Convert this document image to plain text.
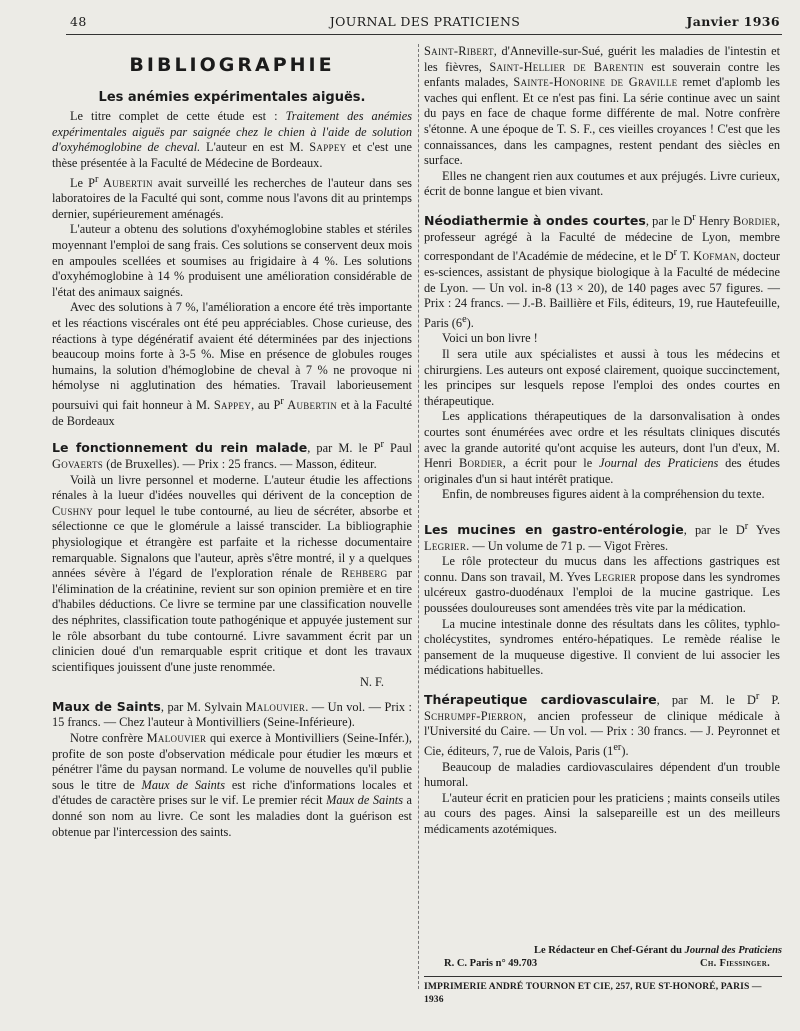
48	JOURNAL DES PRATICIENS	Janvier 1936
BIBLIOGRAPHIE
Les anémies expérimentales aiguës.

Le titre complet de cette étude est : Traitement des anémies expérimentales aiguës par saignée chez le chien à l'aide de solution d'oxyhémoglobine de cheval. L'auteur en est M. Sappey et c'est une thèse présentée à la Faculté de Médecine de Bordeaux.

Le $P^r$ Aubertin avait surveillé les recherches de l'auteur dans ses laboratoires de la Faculté qui sont, comme nous l'avons dit au printemps dernier, supérieurement aménagés.

L'auteur a obtenu des solutions d'oxyhémoglobine stables et stériles moyennant l'emploi de sang frais. Ces solutions se conservent deux mois en ampoules scellées et soumises au frigidaire à 4 %. Les solutions d'oxyhémoglobine à 14 % produisent une amélioration considérable de l'état des animaux saignés.

Avec des solutions à 7 %, l'amélioration a encore été très importante et les réactions viscérales ont été peu appréciables. Chose curieuse, des réactions à type dégénératif avaient été déterminées par des injections beaucoup moins forte à 3-5 %. Mise en présence de globules rouges humains, la solution d'hémoglobine de cheval à 7 % ne provoque ni hémolyse ni agglutination des hématies. Travail laborieusement poursuivi qui fait honneur à M. Sappey, au $P^r$ Aubertin et à la Faculté de Bordeaux

Le fonctionnement du rein malade, par M. le $P^r$ Paul Govaerts (de Bruxelles). — Prix : 25 francs. — Masson, éditeur.

Voilà un livre personnel et moderne. L'auteur étudie les affections rénales à la lueur d'idées nouvelles qui dérivent de la conception de Cushny pour lequel le tube contourné, au lieu de sécréter, absorbe et sélectionne ce que le glomérule a laissé transcider. La bibliographie physiologique et étrangère est parfaite et la richesse documentaire remarquable. Signalons que l'auteur, après s'être montré, il y a quelques années sévère à l'égard de l'exploration rénale de Rehberg par l'élimination de la créatinine, revient sur son opinion première et en tire d'habiles déductions. Ce livre se termine par une classification nouvelle des néphrites, classification toute pathogénique et appuyée justement sur le rôle absorbant du tube contourné. Livre savamment écrit par un clinicien doué d'un remarquable esprit critique et dont les travaux scientifiques jouissent d'une juste renommée.

N. F.

Maux de Saints, par M. Sylvain Malouvier. — Un vol. — Prix : 15 francs. — Chez l'auteur à Montivilliers (Seine-Inférieure).

Notre confrère Malouvier qui exerce à Montivilliers (Seine-Infér.), profite de son poste d'observation médicale pour étudier les mœurs et pénétrer l'âme du paysan normand. Le volume de nouvelles qu'il publie sous le titre de Maux de Saints est riche d'informations locales et d'études de caractère prises sur le vif. Le premier récit Maux de Saints a donné son nom au livre. Ce sont les maladies dont la guérison est obtenue par l'intercession des saints.

Saint-Ribert, d'Anneville-sur-Sué, guérit les maladies de l'intestin et les fièvres, Saint-Hellier de Barentin est souverain contre les enfants malades, Sainte-Honorine de Graville remet d'aplomb les vaches qui enflent. Et ce n'est pas fini. La série continue avec un saint du pays en face de chaque forme différente de mal. Notre confrère s'étonne. A une époque de T. S. F., ces vieilles croyances ! C'est que les connaissances, dans les campagnes, restent pendant des siècles en surface.

Elles ne changent rien aux coutumes et aux préjugés. Livre curieux, écrit de bonne langue et bien vivant.

Néodiathermie à ondes courtes, par le $D^r$ Henry Bordier, professeur agrégé à la Faculté de médecine de Lyon, membre correspondant de l'Académie de médecine, et le $D^r$ T. Kofman, docteur es-sciences, assistant de physique biologique à la Faculté de médecine de Lyon. — Un vol. in-8 (13 × 20), de 140 pages avec 57 figures. — Prix : 24 francs. — J.-B. Baillière et Fils, éditeurs, 19, rue Hautefeuille, Paris (6e).

Voici un bon livre !

Il sera utile aux spécialistes et aussi à tous les médecins et chirurgiens. Les auteurs ont exposé clairement, quoique succinctement, les principes sur lesquels repose l'emploi des ondes courtes en thérapeutique.

Les applications thérapeutiques de la darsonvalisation à ondes courtes sont énumérées avec ordre et les résultats cliniques discutés avec la grande autorité qu'ont acquise les auteurs, dont l'un d'eux, M. Henri Bordier, a écrit pour le Journal des Praticiens des études originales d'un si haut intérêt pratique.

Enfin, de nombreuses figures aident à la compréhension du texte.

Les mucines en gastro-entérologie, par le $D^r$ Yves Legrier. — Un volume de 71 p. — Vigot Frères.

Le rôle protecteur du mucus dans les affections gastriques est connu. Dans son travail, M. Yves Legrier propose dans les syndromes ulcéreux gastro-duodénaux l'emploi de la mucine gastrique. Les poussées douloureuses sont amendées très vite par la médication.

La mucine intestinale donne des résultats dans les côlites, typhlo-cholécystites, syndromes entéro-hépatiques. Le remède réalise le pansement de la muqueuse digestive. Il convient de lui associer les médications habituelles.

Thérapeutique cardiovasculaire, par M. le $D^r$ P. Schrumpf-Pierron, ancien professeur de clinique médicale à l'Université du Caire. — Un vol. — Prix : 30 francs. — J. Peyronnet et Cie, éditeurs, 7, rue de Valois, Paris (1er).

Beaucoup de maladies cardiovasculaires dépendent d'un trouble humoral.

L'auteur écrit en praticien pour les praticiens ; maints conseils utiles au cours des pages. Ainsi la salsepareille est un des meilleurs médicaments azotémiques.

Le Rédacteur en Chef-Gérant du Journal des Praticiens
R. C. Paris n° 49.703	Ch. Fiessinger.
IMPRIMERIE ANDRÉ TOURNON ET CIE, 257, RUE ST-HONORÉ, PARIS — 1936
